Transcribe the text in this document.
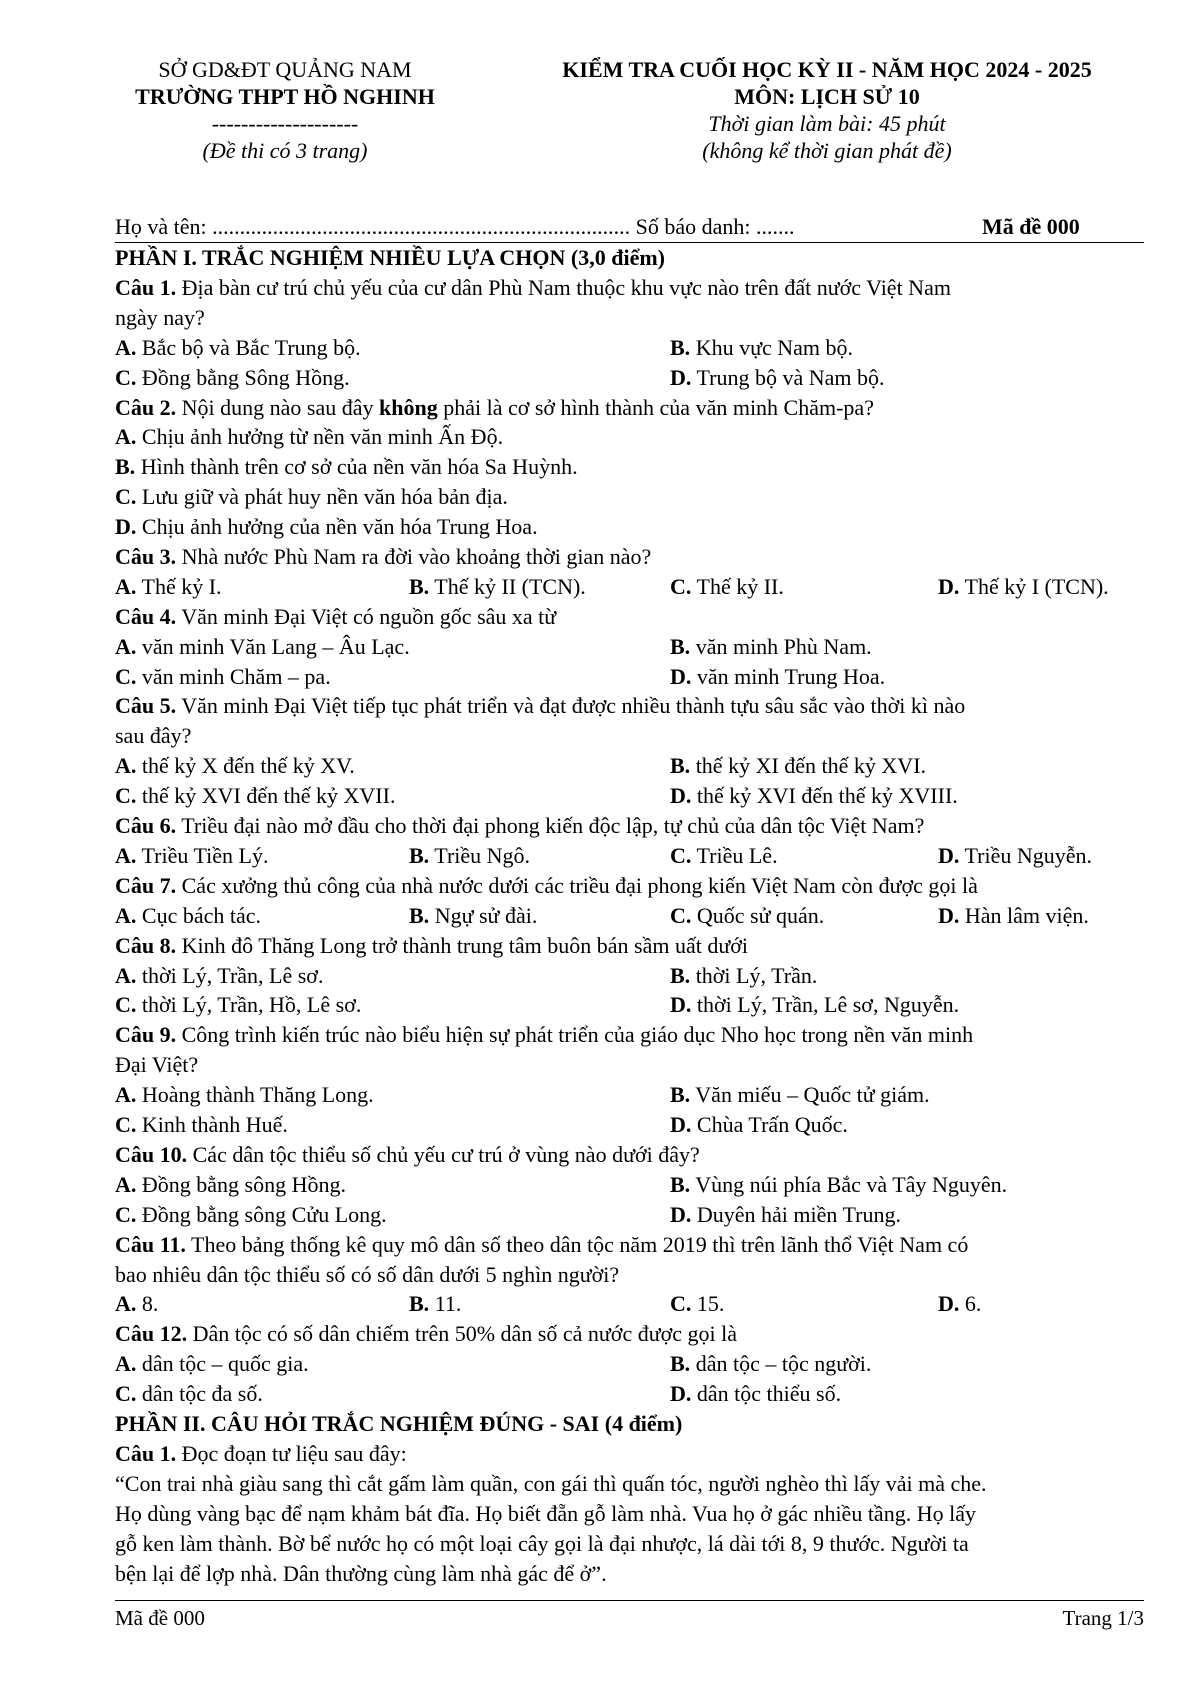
SỞ GD&ĐT QUẢNG NAM
TRƯỜNG THPT HỒ NGHINH
--------------------
(Đề thi có 3 trang)
KIỂM TRA CUỐI HỌC KỲ II - NĂM HỌC 2024 - 2025
MÔN: LỊCH SỬ 10
Thời gian làm bài: 45 phút
(không kể thời gian phát đề)
Họ và tên: ............................................................................ Số báo danh: .......	Mã đề 000
PHẦN I. TRẮC NGHIỆM NHIỀU LỰA CHỌN (3,0 điểm)
Câu 1. Địa bàn cư trú chủ yếu của cư dân Phù Nam thuộc khu vực nào trên đất nước Việt Nam
ngày nay?
A. Bắc bộ và Bắc Trung bộ.	B. Khu vực Nam bộ.
C. Đồng bằng Sông Hồng.	D. Trung bộ và Nam bộ.
Câu 2. Nội dung nào sau đây không phải là cơ sở hình thành của văn minh Chăm-pa?
A. Chịu ảnh hưởng từ nền văn minh Ấn Độ.
B. Hình thành trên cơ sở của nền văn hóa Sa Huỳnh.
C. Lưu giữ và phát huy nền văn hóa bản địa.
D. Chịu ảnh hưởng của nền văn hóa Trung Hoa.
Câu 3. Nhà nước Phù Nam ra đời vào khoảng thời gian nào?
A. Thế kỷ I.	B. Thế kỷ II (TCN).	C. Thế kỷ II.	D. Thế kỷ I (TCN).
Câu 4. Văn minh Đại Việt có nguồn gốc sâu xa từ
A. văn minh Văn Lang – Âu Lạc.	B. văn minh Phù Nam.
C. văn minh Chăm – pa.	D. văn minh Trung Hoa.
Câu 5. Văn minh Đại Việt tiếp tục phát triển và đạt được nhiều thành tựu sâu sắc vào thời kì nào
sau đây?
A. thế kỷ X đến thế kỷ XV.	B. thế kỷ XI đến thế kỷ XVI.
C. thế kỷ XVI đến thế kỷ XVII.	D. thế kỷ XVI đến thế kỷ XVIII.
Câu 6. Triều đại nào mở đầu cho thời đại phong kiến độc lập, tự chủ của dân tộc Việt Nam?
A. Triều Tiền Lý.	B. Triều Ngô.	C. Triều Lê.	D. Triều Nguyễn.
Câu 7. Các xưởng thủ công của nhà nước dưới các triều đại phong kiến Việt Nam còn được gọi là
A. Cục bách tác.	B. Ngự sử đài.	C. Quốc sử quán.	D. Hàn lâm viện.
Câu 8. Kinh đô Thăng Long trở thành trung tâm buôn bán sầm uất dưới
A. thời Lý, Trần, Lê sơ.	B. thời Lý, Trần.
C. thời Lý, Trần, Hồ, Lê sơ.	D. thời Lý, Trần, Lê sơ, Nguyễn.
Câu 9. Công trình kiến trúc nào biểu hiện sự phát triển của giáo dục Nho học trong nền văn minh
Đại Việt?
A. Hoàng thành Thăng Long.	B. Văn miếu – Quốc tử giám.
C. Kinh thành Huế.	D. Chùa Trấn Quốc.
Câu 10. Các dân tộc thiểu số chủ yếu cư trú ở vùng nào dưới đây?
A. Đồng bằng sông Hồng.	B. Vùng núi phía Bắc và Tây Nguyên.
C. Đồng bằng sông Cửu Long.	D. Duyên hải miền Trung.
Câu 11. Theo bảng thống kê quy mô dân số theo dân tộc năm 2019 thì trên lãnh thổ Việt Nam có
bao nhiêu dân tộc thiểu số có số dân dưới 5 nghìn người?
A. 8.	B. 11.	C. 15.	D. 6.
Câu 12. Dân tộc có số dân chiếm trên 50% dân số cả nước được gọi là
A. dân tộc – quốc gia.	B. dân tộc – tộc người.
C. dân tộc đa số.	D. dân tộc thiểu số.
PHẦN II. CÂU HỎI TRẮC NGHIỆM ĐÚNG - SAI (4 điểm)
Câu 1. Đọc đoạn tư liệu sau đây:
“Con trai nhà giàu sang thì cắt gấm làm quần, con gái thì quấn tóc, người nghèo thì lấy vải mà che.
Họ dùng vàng bạc để nạm khảm bát đĩa. Họ biết đẵn gỗ làm nhà. Vua họ ở gác nhiều tầng. Họ lấy
gỗ ken làm thành. Bờ bể nước họ có một loại cây gọi là đại nhược, lá dài tới 8, 9 thước. Người ta
bện lại để lợp nhà. Dân thường cùng làm nhà gác để ở”.
Mã đề 000	Trang 1/3
